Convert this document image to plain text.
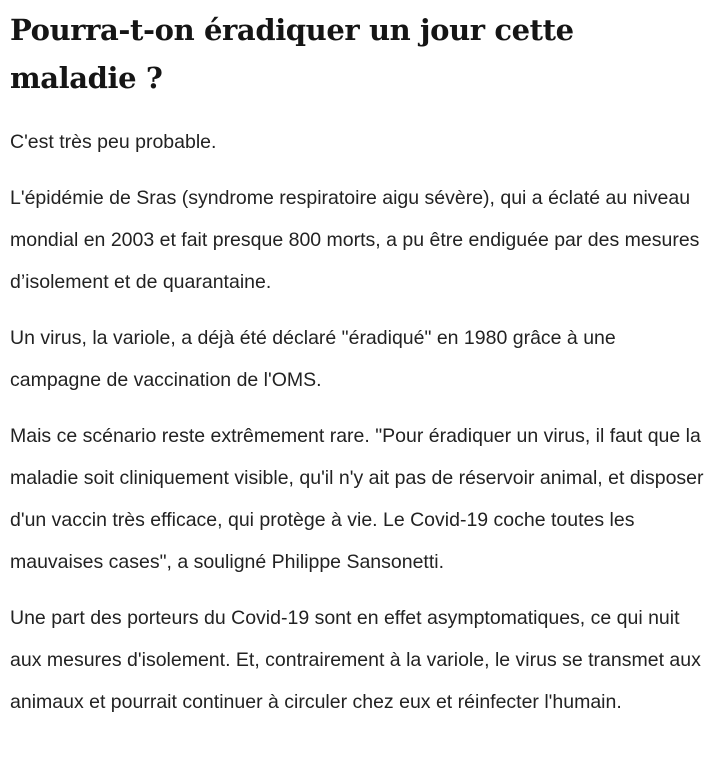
Pourra-t-on éradiquer un jour cette maladie ?

C'est très peu probable.

L'épidémie de Sras (syndrome respiratoire aigu sévère), qui a éclaté au niveau mondial en 2003 et fait presque 800 morts, a pu être endiguée par des mesures d’isolement et de quarantaine.

Un virus, la variole, a déjà été déclaré "éradiqué" en 1980 grâce à une campagne de vaccination de l'OMS.

Mais ce scénario reste extrêmement rare. "Pour éradiquer un virus, il faut que la maladie soit cliniquement visible, qu'il n'y ait pas de réservoir animal, et disposer d'un vaccin très efficace, qui protège à vie. Le Covid-19 coche toutes les mauvaises cases", a souligné Philippe Sansonetti.

Une part des porteurs du Covid-19 sont en effet asymptomatiques, ce qui nuit aux mesures d'isolement. Et, contrairement à la variole, le virus se transmet aux animaux et pourrait continuer à circuler chez eux et réinfecter l'humain.
